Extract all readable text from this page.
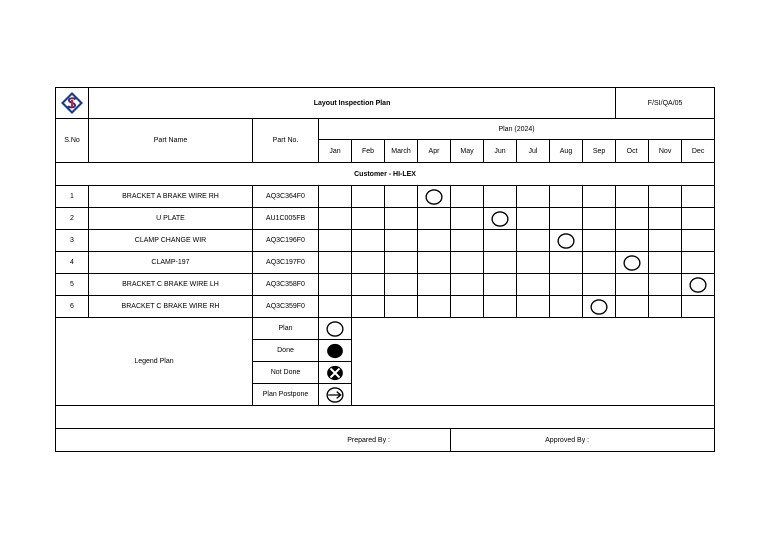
	Layout Inspection Plan											F/SI/QA/05		
S.No	Part Name	Part No.	Plan (2024)											
			Jan	Feb	March	Apr	May	Jun	Jul	Aug	Sep	Oct	Nov	Dec
Customer - HI-LEX														
1	BRACKET A BRAKE WIRE RH	AQ3C364F0				

2	U PLATE	AU1C005FB						

3	CLAMP CHANGE WIR	AQ3C196F0								

4	CLAMP-197	AQ3C197F0										

5	BRACKET C BRAKE WIRE LH	AQ3C358F0												

6	BRACKET C BRAKE WIRE RH	AQ3C359F0									

Legend Plan		Plan	

		Done	

		Not Done	

		Plan Postpone	

Prepared By :							Approved By :							
